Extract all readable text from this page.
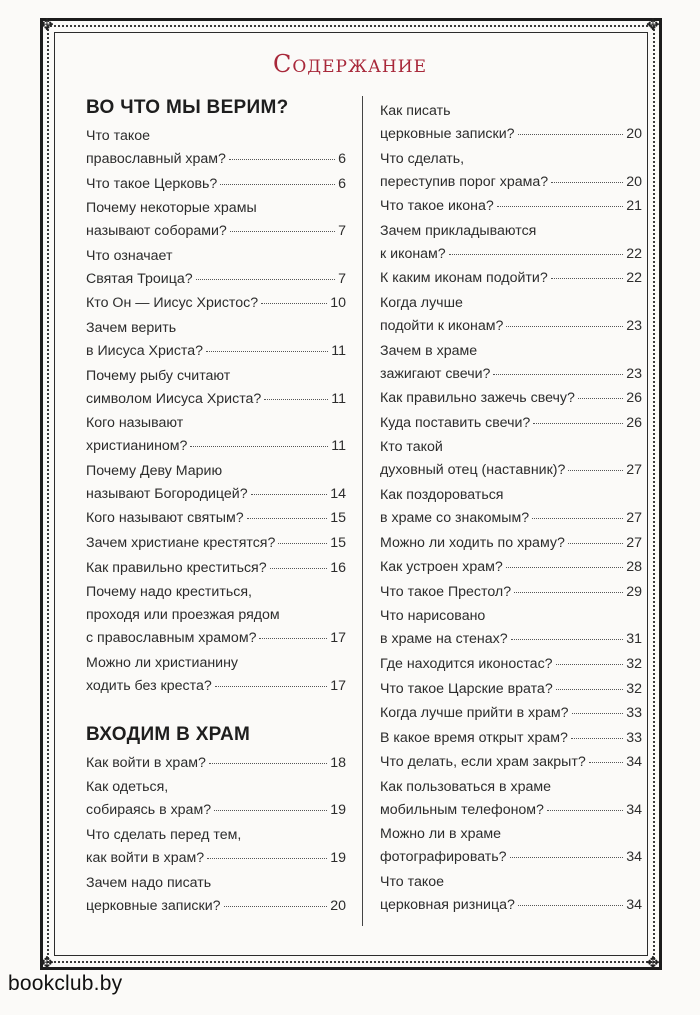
✥	✥
✥	✥
Содержание
ВО ЧТО МЫ ВЕРИМ?
Что такое
православный храм?	6
Что такое Церковь?	6
Почему некоторые храмы
называют соборами?	7
Что означает
Святая Троица?	7
Кто Он — Иисус Христос?	10
Зачем верить
в Иисуса Христа?	11
Почему рыбу считают
символом Иисуса Христа?	11
Кого называют
христианином?	11
Почему Деву Марию
называют Богородицей?	14
Кого называют святым?	15
Зачем христиане крестятся?	15
Как правильно креститься?	16
Почему надо креститься,
проходя или проезжая рядом
с православным храмом?	17
Можно ли христианину
ходить без креста?	17
ВХОДИМ В ХРАМ
Как войти в храм?	18
Как одеться,
собираясь в храм?	19
Что сделать перед тем,
как войти в храм?	19
Зачем надо писать
церковные записки?	20
Как писать
церковные записки?	20
Что сделать,
переступив порог храма?	20
Что такое икона?	21
Зачем прикладываются
к иконам?	22
К каким иконам подойти?	22
Когда лучше
подойти к иконам?	23
Зачем в храме
зажигают свечи?	23
Как правильно зажечь свечу?	26
Куда поставить свечи?	26
Кто такой
духовный отец (наставник)?	27
Как поздороваться
в храме со знакомым?	27
Можно ли ходить по храму?	27
Как устроен храм?	28
Что такое Престол?	29
Что нарисовано
в храме на стенах?	31
Где находится иконостас?	32
Что такое Царские врата?	32
Когда лучше прийти в храм?	33
В какое время открыт храм?	33
Что делать, если храм закрыт?	34
Как пользоваться в храме
мобильным телефоном?	34
Можно ли в храме
фотографировать?	34
Что такое
церковная ризница?	34
bookclub.by
